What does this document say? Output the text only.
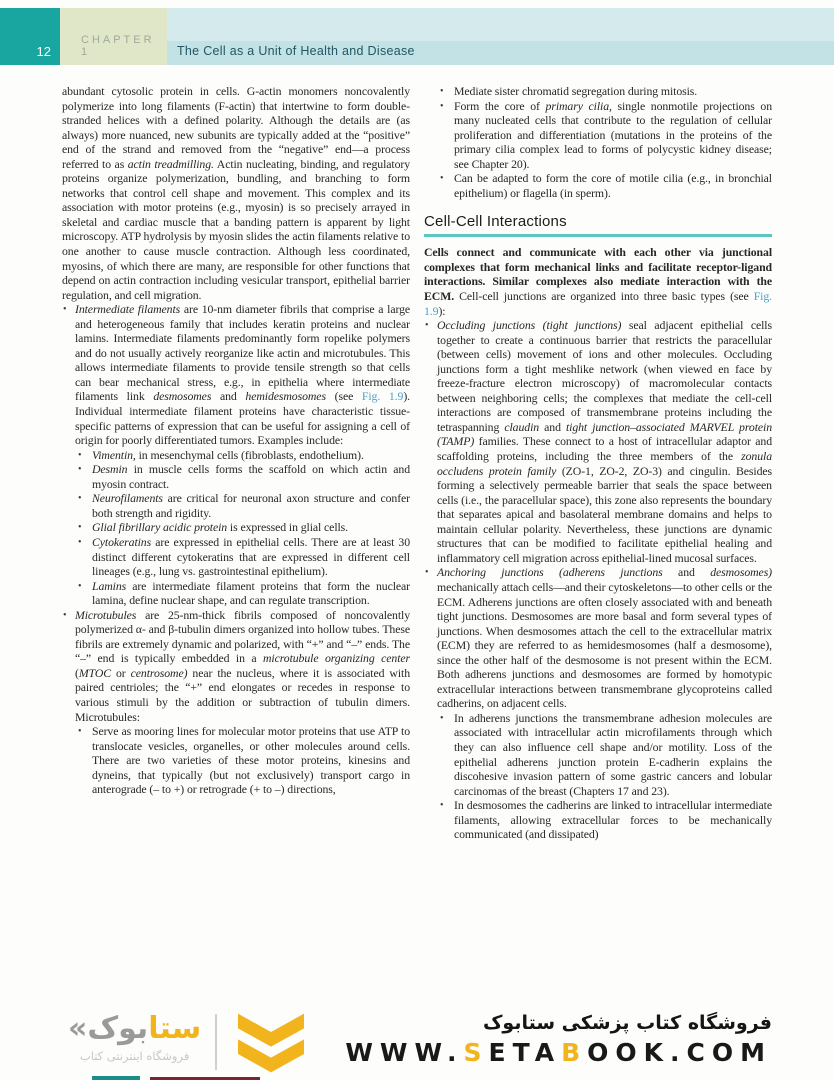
12
CHAPTER 1	The Cell as a Unit of Health and Disease
abundant cytosolic protein in cells. G-actin monomers noncovalently polymerize into long filaments (F-actin) that intertwine to form double-stranded helices with a defined polarity. Although the details are (as always) more nuanced, new subunits are typically added at the “positive” end of the strand and removed from the “negative” end—a process referred to as actin treadmilling. Actin nucleating, binding, and regulatory proteins organize polymerization, bundling, and branching to form networks that control cell shape and movement. This complex and its association with motor proteins (e.g., myosin) is so precisely arrayed in skeletal and cardiac muscle that a banding pattern is apparent by light microscopy. ATP hydrolysis by myosin slides the actin filaments relative to one another to cause muscle contraction. Although less coordinated, myosins, of which there are many, are responsible for other functions that depend on actin contraction including vesicular transport, epithelial barrier regulation, and cell migration.
• Intermediate filaments are 10-nm diameter fibrils that comprise a large and heterogeneous family that includes keratin proteins and nuclear lamins. Intermediate filaments predominantly form ropelike polymers and do not usually actively reorganize like actin and microtubules. This allows intermediate filaments to provide tensile strength so that cells can bear mechanical stress, e.g., in epithelia where intermediate filaments link desmosomes and hemidesmosomes (see Fig. 1.9). Individual intermediate filament proteins have characteristic tissue-specific patterns of expression that can be useful for assigning a cell of origin for poorly differentiated tumors. Examples include:
• Vimentin, in mesenchymal cells (fibroblasts, endothelium).
• Desmin in muscle cells forms the scaffold on which actin and myosin contract.
• Neurofilaments are critical for neuronal axon structure and confer both strength and rigidity.
• Glial fibrillary acidic protein is expressed in glial cells.
• Cytokeratins are expressed in epithelial cells. There are at least 30 distinct different cytokeratins that are expressed in different cell lineages (e.g., lung vs. gastrointestinal epithelium).
• Lamins are intermediate filament proteins that form the nuclear lamina, define nuclear shape, and can regulate transcription.
• Microtubules are 25-nm-thick fibrils composed of noncovalently polymerized α- and β-tubulin dimers organized into hollow tubes. These fibrils are extremely dynamic and polarized, with “+” and “–” ends. The “–” end is typically embedded in a microtubule organizing center (MTOC or centrosome) near the nucleus, where it is associated with paired centrioles; the “+” end elongates or recedes in response to various stimuli by the addition or subtraction of tubulin dimers. Microtubules:
• Serve as mooring lines for molecular motor proteins that use ATP to translocate vesicles, organelles, or other molecules around cells. There are two varieties of these motor proteins, kinesins and dyneins, that typically (but not exclusively) transport cargo in anterograde (– to +) or retrograde (+ to –) directions,
• Mediate sister chromatid segregation during mitosis.
• Form the core of primary cilia, single nonmotile projections on many nucleated cells that contribute to the regulation of cellular proliferation and differentiation (mutations in the proteins of the primary cilia complex lead to forms of polycystic kidney disease; see Chapter 20).
• Can be adapted to form the core of motile cilia (e.g., in bronchial epithelium) or flagella (in sperm).
Cell-Cell Interactions
Cells connect and communicate with each other via junctional complexes that form mechanical links and facilitate receptor-ligand interactions. Similar complexes also mediate interaction with the ECM. Cell-cell junctions are organized into three basic types (see Fig. 1.9):
• Occluding junctions (tight junctions) seal adjacent epithelial cells together to create a continuous barrier that restricts the paracellular (between cells) movement of ions and other molecules. Occluding junctions form a tight meshlike network (when viewed en face by freeze-fracture electron microscopy) of macromolecular contacts between neighboring cells; the complexes that mediate the cell-cell interactions are composed of transmembrane proteins including the tetraspanning claudin and tight junction–associated MARVEL protein (TAMP) families. These connect to a host of intracellular adaptor and scaffolding proteins, including the three members of the zonula occludens protein family (ZO-1, ZO-2, ZO-3) and cingulin. Besides forming a selectively permeable barrier that seals the space between cells (i.e., the paracellular space), this zone also represents the boundary that separates apical and basolateral membrane domains and helps to maintain cellular polarity. Nevertheless, these junctions are dynamic structures that can be modified to facilitate epithelial healing and inflammatory cell migration across epithelial-lined mucosal surfaces.
• Anchoring junctions (adherens junctions and desmosomes) mechanically attach cells—and their cytoskeletons—to other cells or the ECM. Adherens junctions are often closely associated with and beneath tight junctions. Desmosomes are more basal and form several types of junctions. When desmosomes attach the cell to the extracellular matrix (ECM) they are referred to as hemidesmosomes (half a desmosome), since the other half of the desmosome is not present within the ECM. Both adherens junctions and desmosomes are formed by homotypic extracellular interactions between transmembrane glycoproteins called cadherins, on adjacent cells.
• In adherens junctions the transmembrane adhesion molecules are associated with intracellular actin microfilaments through which they can also influence cell shape and/or motility. Loss of the epithelial adherens junction protein E-cadherin explains the discohesive invasion pattern of some gastric cancers and lobular carcinomas of the breast (Chapters 17 and 23).
• In desmosomes the cadherins are linked to intracellular intermediate filaments, allowing extracellular forces to be mechanically communicated (and dissipated)
« بوک ستا
فروشگاه اینترنتی کتاب
فروشگاه کتاب پزشکی ستابوک
WWW.SETABOOK.COM
